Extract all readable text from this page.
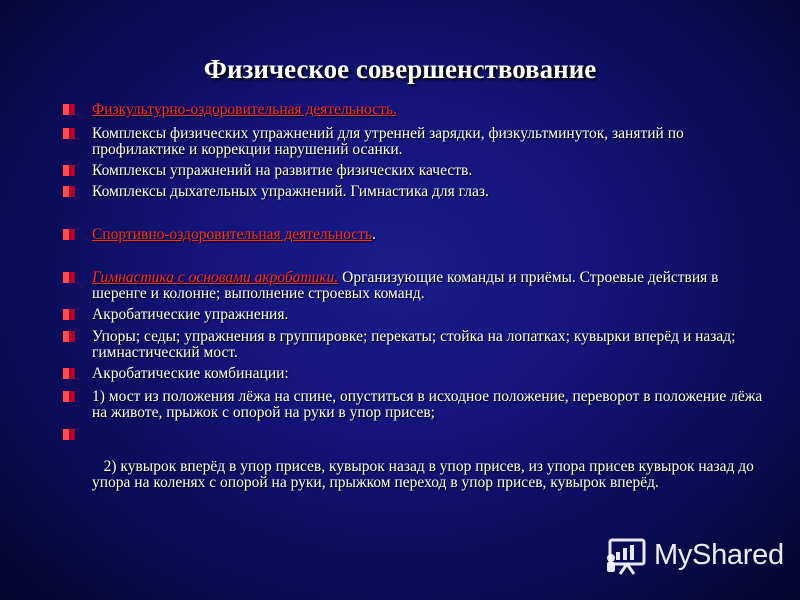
Физическое совершенствование
Физкультурно-оздоровительная деятельность.
Комплексы физических упражнений для утренней зарядки, физкультминуток, занятий по профилактике и коррекции нарушений осанки.
Комплексы упражнений на развитие физических качеств.
Комплексы дыхательных упражнений. Гимнастика для глаз.
Спортивно-оздоровительная деятельность.
Гимнастика с основами акробатики. Организующие команды и приёмы. Строевые действия в шеренге и колонне; выполнение строевых команд.
Акробатические упражнения.
Упоры; седы; упражнения в группировке; перекаты; стойка на лопатках; кувырки вперёд и назад; гимнастический мост.
Акробатические комбинации:
1) мост из положения лёжа на спине, опуститься в исходное положение, переворот в положение лёжа на животе, прыжок с опорой на руки в упор присев;

2) кувырок вперёд в упор присев, кувырок назад в упор присев, из упора присев кувырок назад до упора на коленях с опорой на руки, прыжком переход в упор присев, кувырок вперёд.

MyShared
